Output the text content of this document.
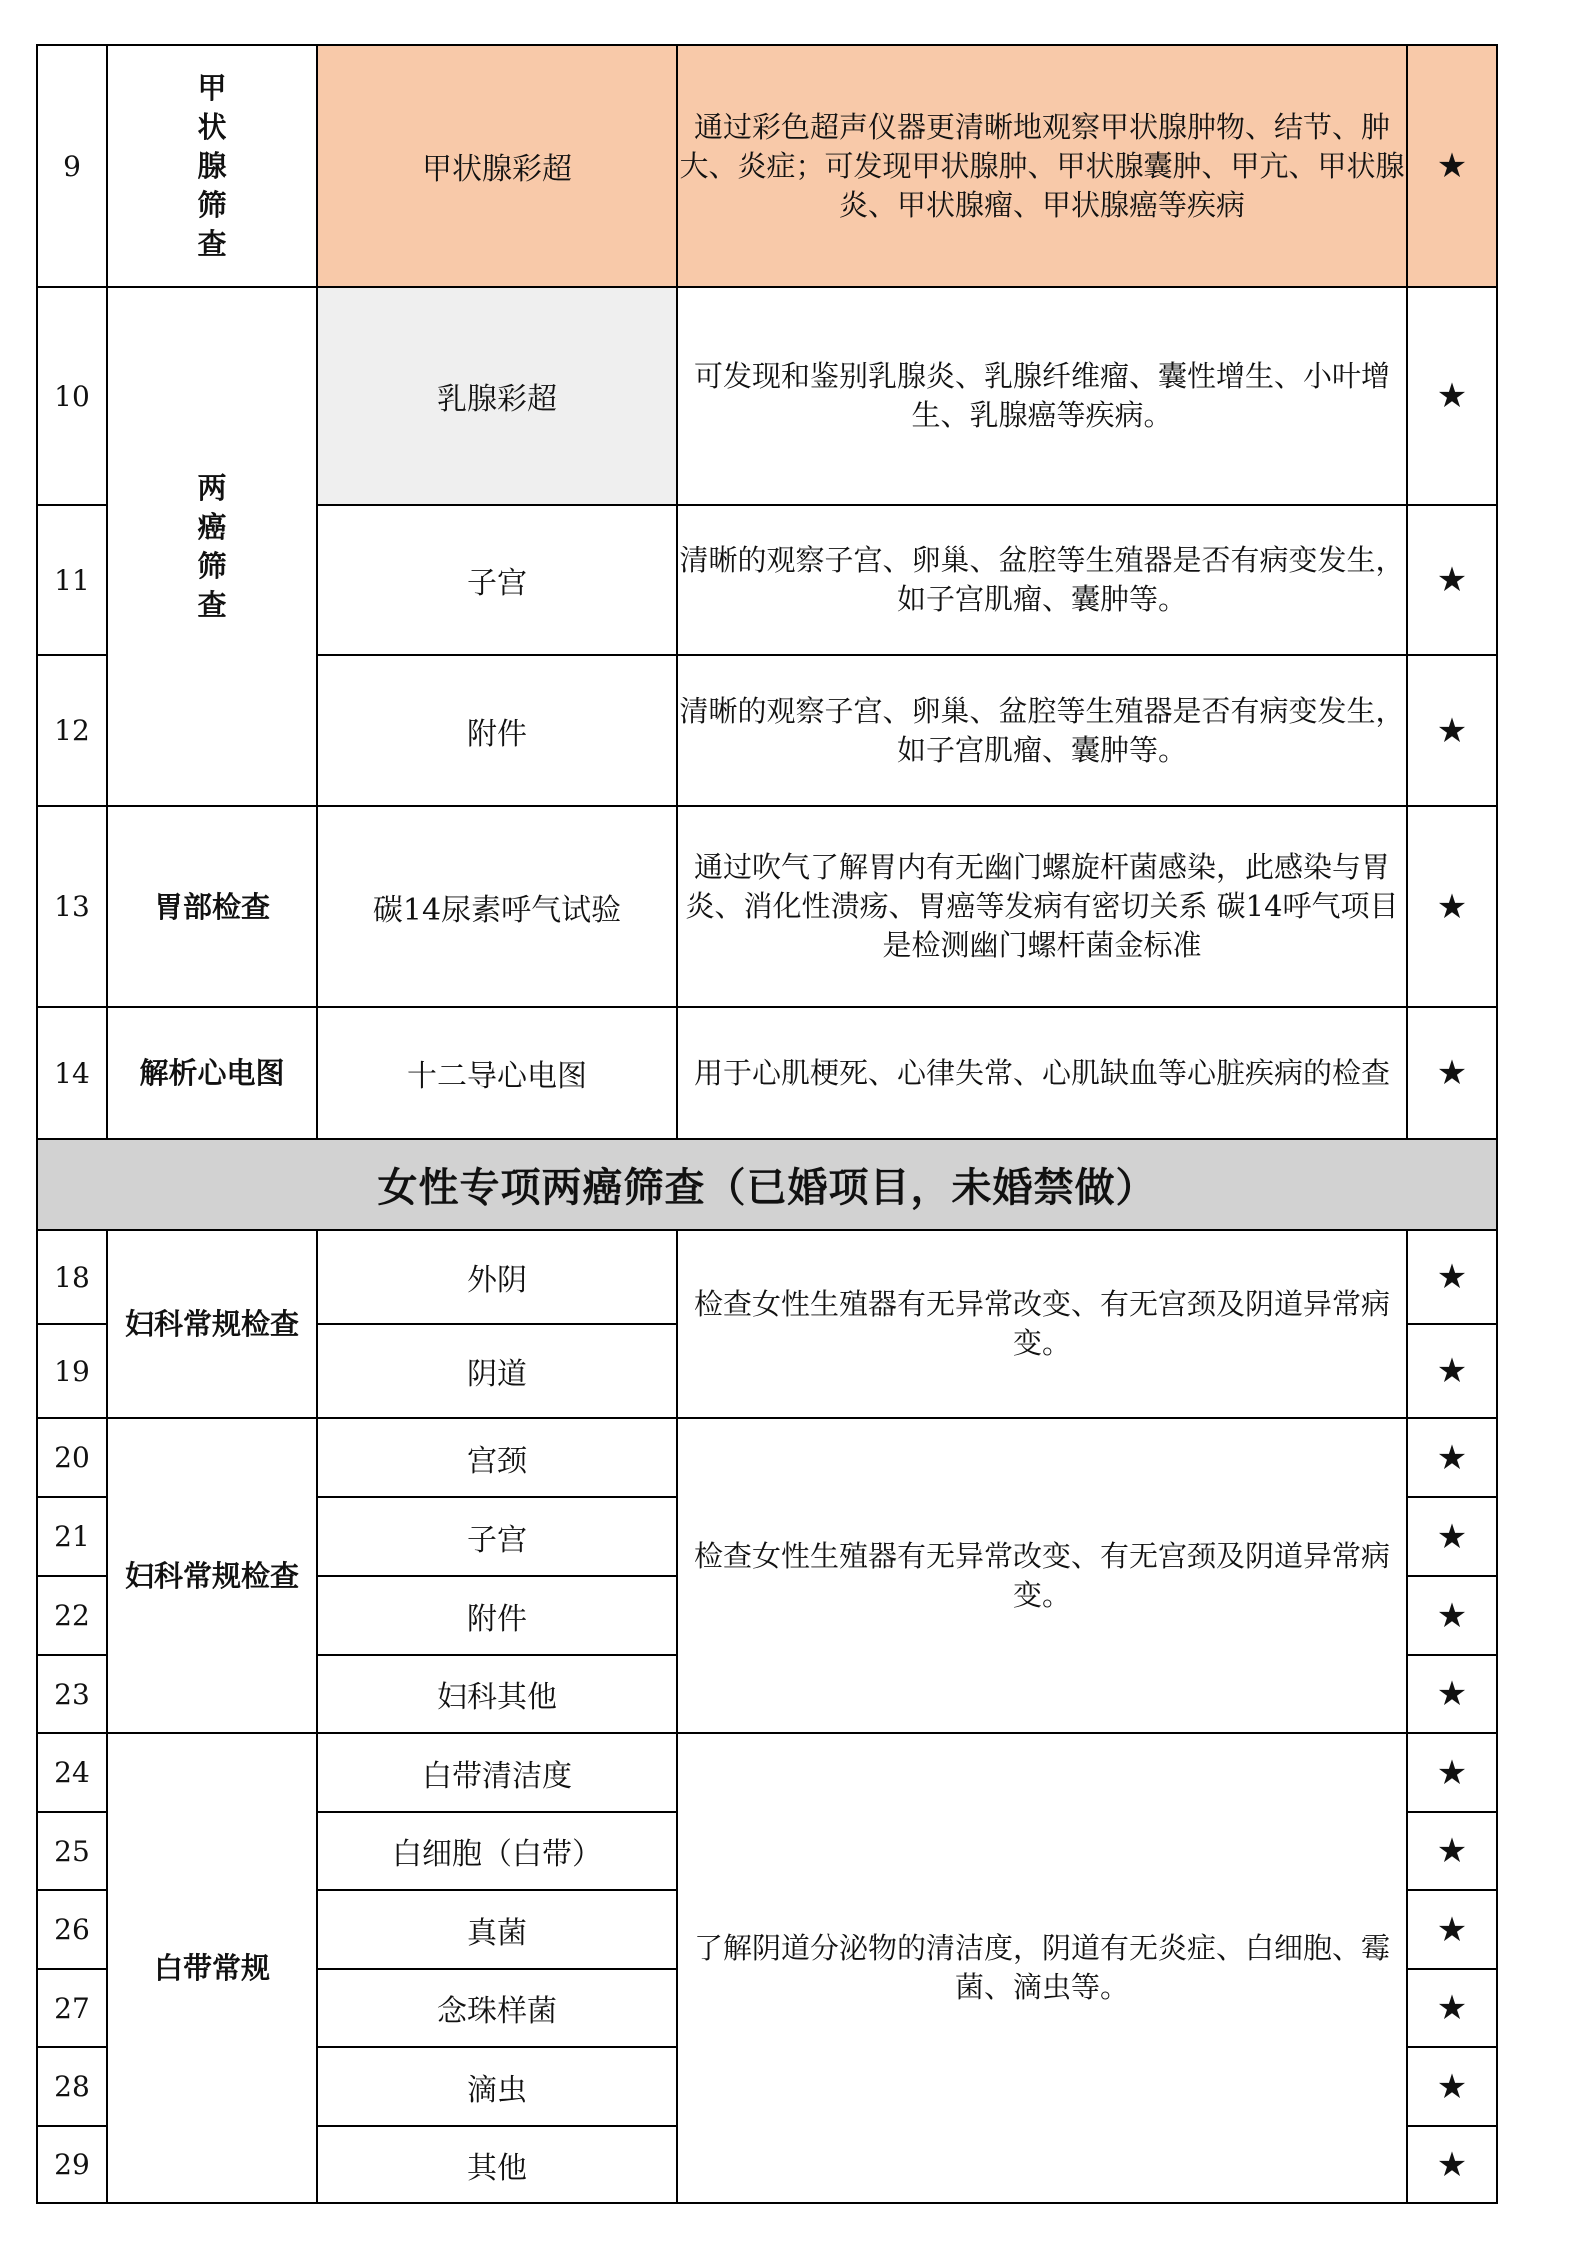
9	甲状腺筛查	甲状腺彩超	通过彩色超声仪器更清晰地观察甲状腺肿物、结节、肿大、炎症；可发现甲状腺肿、甲状腺囊肿、甲亢、甲状腺炎、甲状腺瘤、甲状腺癌等疾病	★
10	两癌筛查	乳腺彩超	可发现和鉴别乳腺炎、乳腺纤维瘤、囊性增生、小叶增生、乳腺癌等疾病。	★
11		子宫	清晰的观察子宫、卵巢、盆腔等生殖器是否有病变发生，如子宫肌瘤、囊肿等。	★
12		附件	清晰的观察子宫、卵巢、盆腔等生殖器是否有病变发生，如子宫肌瘤、囊肿等。	★
13	胃部检查	碳14尿素呼气试验	通过吹气了解胃内有无幽门螺旋杆菌感染，此感染与胃炎、消化性溃疡、胃癌等发病有密切关系 碳14呼气项目是检测幽门螺杆菌金标准	★
14	解析心电图	十二导心电图	用于心肌梗死、心律失常、心肌缺血等心脏疾病的检查	★
女性专项两癌筛查（已婚项目，未婚禁做）				
18	妇科常规检查	外阴	检查女性生殖器有无异常改变、有无宫颈及阴道异常病变。	★
19		阴道		★
20	妇科常规检查	宫颈	检查女性生殖器有无异常改变、有无宫颈及阴道异常病变。	★
21		子宫		★
22		附件		★
23		妇科其他		★
24	白带常规	白带清洁度	了解阴道分泌物的清洁度，阴道有无炎症、白细胞、霉菌、滴虫等。	★
25		白细胞（白带）		★
26		真菌		★
27		念珠样菌		★
28		滴虫		★
29		其他		★
